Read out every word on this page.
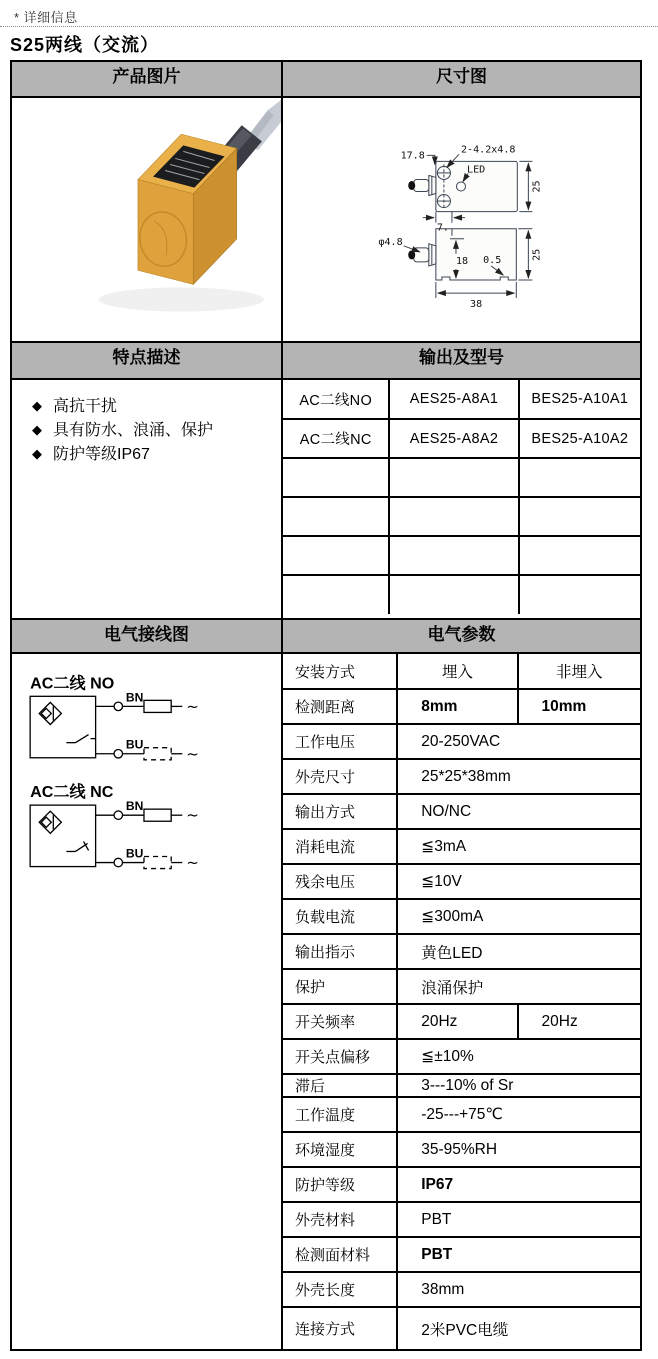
* 详细信息
S25两线（交流）
产品图片	尺寸图

17.8
2-4.2x4.8
LED
25
7.
φ4.8
18 0.5	25
38

特点描述	输出及型号

◆ 高抗干扰
◆ 具有防水、浪涌、保护
◆ 防护等级IP67

AC二线NO	AES25-A8A1	BES25-A10A1
AC二线NC	AES25-A8A2	BES25-A10A2

电气接线图	电气参数

AC二线 NO
BN
BU
~
~
AC二线 NC
BN
BU
~
~

安装方式	埋入	非埋入
检测距离	8mm	10mm
工作电压	20-250VAC
外壳尺寸	25*25*38mm
输出方式	NO/NC
消耗电流	≦3mA
残余电压	≦10V
负载电流	≦300mA
输出指示	黄色LED
保护	浪涌保护
开关频率	20Hz	20Hz
开关点偏移	≦±10%
滞后	3---10% of Sr
工作温度	-25---+75℃
环境湿度	35-95%RH
防护等级	IP67
外壳材料	PBT
检测面材料	PBT
外壳长度	38mm
连接方式	2米PVC电缆
